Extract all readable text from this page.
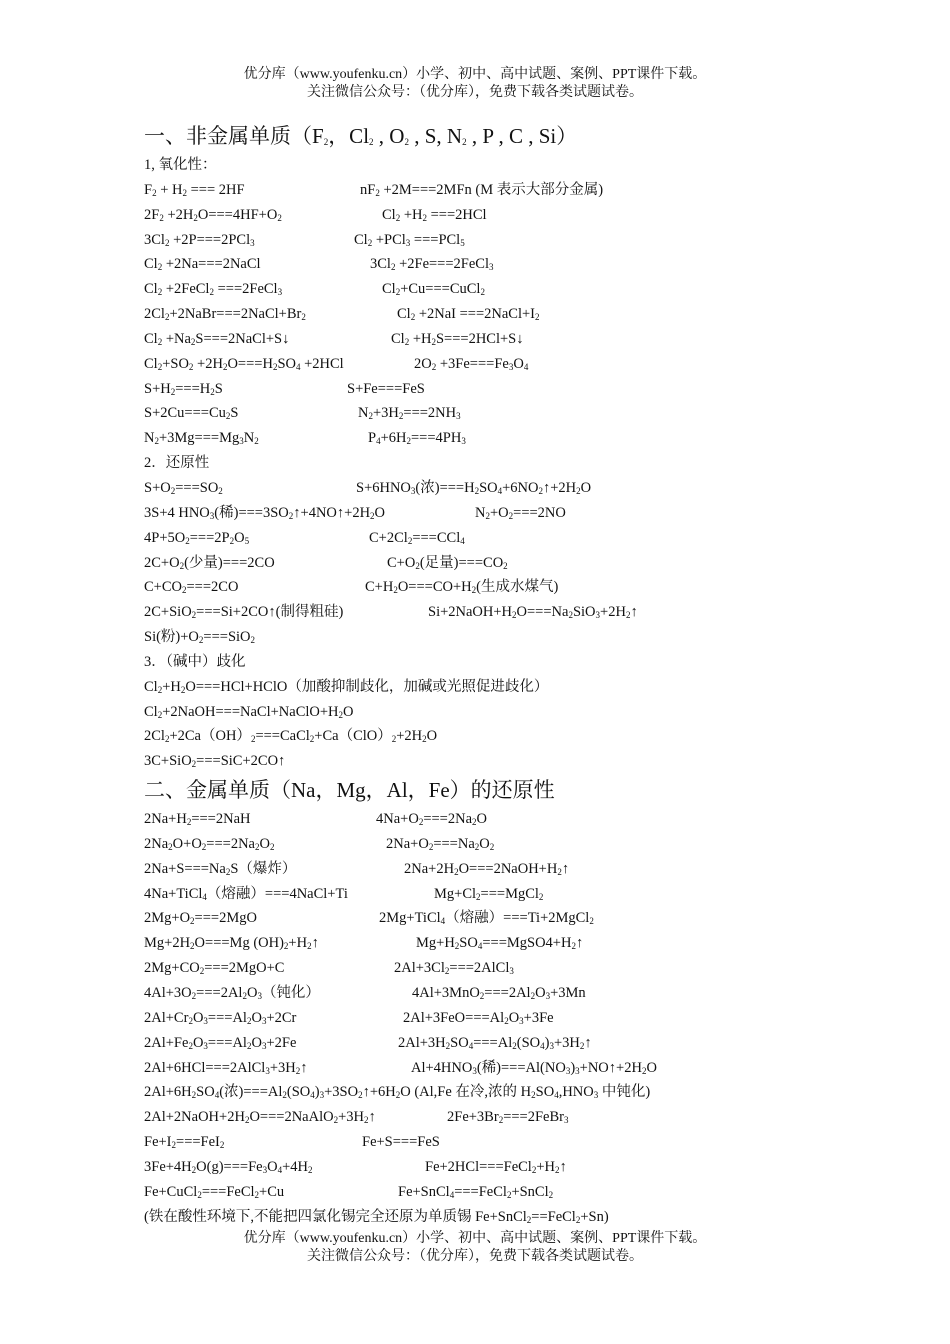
优分库（www.youfenku.cn）小学、初中、高中试题、案例、PPT课件下载。
关注微信公众号：（优分库），免费下载各类试题试卷。
一、非金属单质（$F_2$，$Cl_2$ , $O_2$ , S, $N_2$ , P , C , Si）
1, 氧化性：
$F_2 + H_2$ === 2HF	$nF_2 +2M===2MFn$ (M 表示大部分金属)
$2F_2 +2H_2O===4HF+O_2$	$Cl_2 +H_2 ===2HCl$
$3Cl_2 +2P===2PCl_3$	$Cl_2 +PCl_3 ===PCl_5$
$Cl_2$ +2Na===2NaCl	$3Cl_2$ +2Fe===2FeCl$_3$
$Cl_2$ +2FeCl$_2$ ===2FeCl$_3$	$Cl_2+Cu===CuCl_2$
$2Cl_2+2NaBr===2NaCl+Br_2$	$Cl_2 +2NaI$ $===2NaCl+I_2$
$Cl_2$ $+Na_2S===2NaCl+S↓$	$Cl_2$ $+H_2S===2HCl+S↓$
$Cl_2+SO_2 +2H_2O===H_2SO_4 +2HCl$	$2O_2 +3Fe===Fe_3O_4$
$S+H_2===H_2S$	S+Fe===FeS
$S+2Cu===Cu_2S$	$N_2+3H_2===2NH_3$
$N_2+3Mg===Mg_3N_2$	$P_4+6H_2===4PH_3$
2．还原性
$S+O_2===SO_2$	$S+6HNO_3$(浓)$===H_2SO_4+6NO_2↑+2H_2O$
3S+4 $HNO_3$(稀)$===3SO_2↑+4NO↑+2H_2O$	$N_2+O_2===2NO$
$4P+5O_2===2P_2O_5$	$C+2Cl_2===CCl_4$
$2C+O_2$(少量)===2CO	$C+O_2$(足量)$===CO_2$
$C+CO_2===2CO$	$C+H_2O===CO+H_2$(生成水煤气)
2C+SiO$_2$===Si+2CO↑(制得粗硅)	$Si+2NaOH+H_2O===Na_2SiO_3+2H_2↑$
Si(粉)$+O_2===SiO_2$
3．（碱中）歧化
$Cl_2+H_2O===HCl+HClO$（加酸抑制歧化，加碱或光照促进歧化）
$Cl_2+2NaOH===NaCl+NaClO+H_2O$
$2Cl_2+2Ca(OH)_2===CaCl_2+Ca(ClO)_2+2H_2O$
3C+SiO$_2$===SiC+2CO↑
二、金属单质（Na，Mg，Al，Fe）的还原性
$2Na+H_2===2NaH$	$4Na+O_2===2Na_2O$
$2Na_2O+O_2===2Na_2O_2$	$2Na+O_2===Na_2O_2$
$2Na+S===Na_2S$（爆炸）	$2Na+2H_2O===2NaOH+H_2↑$
4Na+TiCl$_4$（熔融）===4NaCl+Ti	$Mg+Cl_2===MgCl_2$
$2Mg+O_2===2MgO$	2Mg+TiCl$_4$（熔融）===Ti+2MgCl$_2$
$Mg+2H_2O===Mg$ $(OH)_2+H_2↑$	$Mg+H_2SO_4===MgSO4+H_2↑$
$2Mg+CO_2===2MgO+C$	$2Al+3Cl_2===2AlCl_3$
$4Al+3O_2===2Al_2O_3$（钝化）	$4Al+3MnO_2===2Al_2O_3+3Mn$
$2Al+Cr_2O_3===Al_2O_3+2Cr$	$2Al+3FeO===Al_2O_3+3Fe$
$2Al+Fe_2O_3===Al_2O_3+2Fe$	$2Al+3H_2SO_4===Al_2(SO_4)_3+3H_2↑$
$2Al+6HCl===2AlCl_3+3H_2↑$	$Al+4HNO_3$(稀)$===Al(NO_3)_3+NO↑+2H_2O$
$2Al+6H_2SO_4$(浓)$===Al_2(SO_4)_3+3SO_2↑+6H_2O$ (Al,Fe 在冷,浓的 $H_2SO_4,HNO_3$ 中钝化)
$2Al+2NaOH+2H_2O===2NaAlO_2+3H_2↑$	$2Fe+3Br_2===2FeBr_3$
$Fe+I_2===FeI_2$	Fe+S===FeS
$3Fe+4H_2O(g)===Fe_3O_4+4H_2$	$Fe+2HCl===FeCl_2+H_2↑$
Fe+CuCl$_2$===FeCl$_2$+Cu	Fe+SnCl$_4$===FeCl$_2$+SnCl$_2$
(铁在酸性环境下,不能把四氯化锡完全还原为单质锡 Fe+SnCl$_2$==FeCl$_2$+Sn)
优分库（www.youfenku.cn）小学、初中、高中试题、案例、PPT课件下载。
关注微信公众号：（优分库），免费下载各类试题试卷。
